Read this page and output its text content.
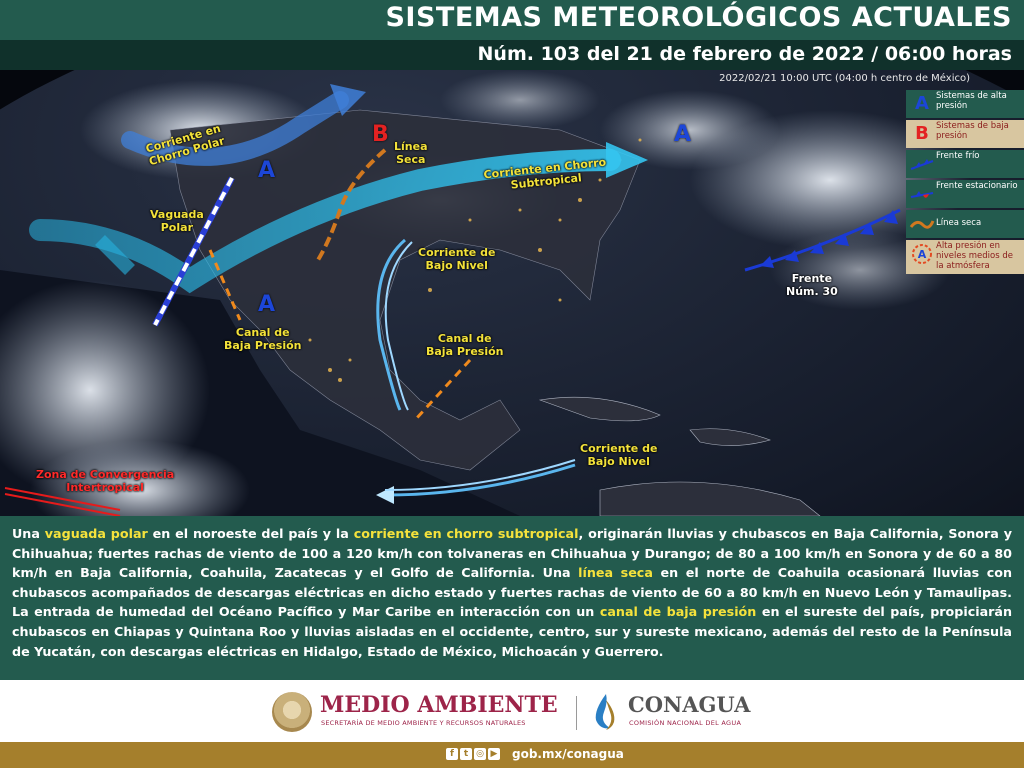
SISTEMAS METEOROLÓGICOS ACTUALES
Núm. 103 del 21 de febrero de 2022 / 06:00 horas
2022/02/21 10:00 UTC (04:00 h centro de México)
A
A
A
B
Corriente en
Chorro Polar
Vaguada
Polar
Línea
Seca	Corriente en Chorro
Subtropical
Corriente de
Bajo Nivel
Canal de
Baja Presión
Canal de
Baja Presión
Frente
Núm. 30
Corriente de
Bajo Nivel
Zona de Convergencia
Intertropical
A Sistemas de alta presión
B Sistemas de baja presión
Frente frío
Frente estacionario
Línea seca
A
Alta presión en niveles medios de la atmósfera
Una vaguada polar en el noroeste del país y la corriente en chorro subtropical, originarán lluvias y chubascos en Baja California, Sonora y Chihuahua; fuertes rachas de viento de 100 a 120 km/h con tolvaneras en Chihuahua y Durango; de 80 a 100 km/h en Sonora y de 60 a 80 km/h en Baja California, Coahuila, Zacatecas y el Golfo de California. Una línea seca en el norte de Coahuila ocasionará lluvias con chubascos acompañados de descargas eléctricas en dicho estado y fuertes rachas de viento de 60 a 80 km/h en Nuevo León y Tamaulipas. La entrada de humedad del Océano Pacífico y Mar Caribe en interacción con un canal de baja presión en el sureste del país, propiciarán chubascos en Chiapas y Quintana Roo y lluvias aisladas en el occidente, centro, sur y sureste mexicano, además del resto de la Península de Yucatán, con descargas eléctricas en Hidalgo, Estado de México, Michoacán y Guerrero.
MEDIO AMBIENTE
SECRETARÍA DE MEDIO AMBIENTE Y RECURSOS NATURALES
CONAGUA
COMISIÓN NACIONAL DEL AGUA
f	t ◎ ▶ gob.mx/conagua
